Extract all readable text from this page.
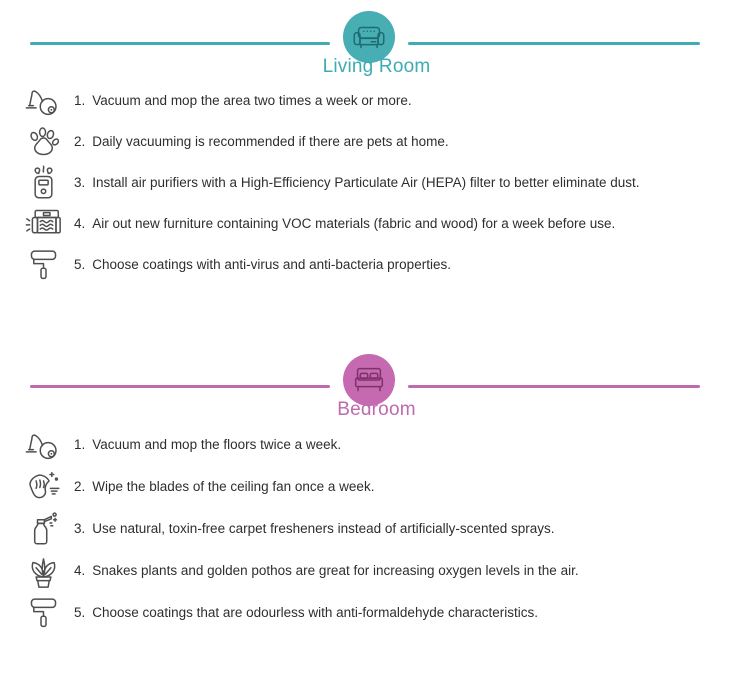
Living Room
1. Vacuum and mop the area two times a week or more.
2. Daily vacuuming is recommended if there are pets at home.
3. Install air purifiers with a High-Efficiency Particulate Air (HEPA) filter to better eliminate dust.
4. Air out new furniture containing VOC materials (fabric and wood) for a week before use.
5. Choose coatings with anti-virus and anti-bacteria properties.
Bedroom
1. Vacuum and mop the floors twice a week.
2. Wipe the blades of the ceiling fan once a week.
3. Use natural, toxin-free carpet fresheners instead of artificially-scented sprays.
4. Snakes plants and golden pothos are great for increasing oxygen levels in the air.
5. Choose coatings that are odourless with anti-formaldehyde characteristics.
